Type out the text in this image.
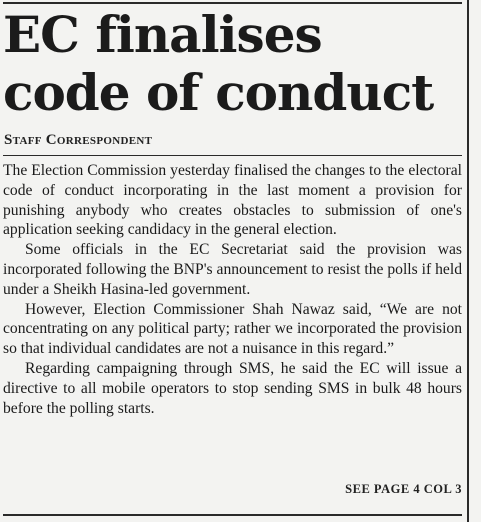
EC finalises code of conduct
Staff Correspondent

The Election Commission yesterday finalised the changes to the electoral code of conduct incorporating in the last moment a provision for punishing anybody who creates obstacles to submission of one's application seeking candidacy in the general election.

Some officials in the EC Secretariat said the provision was incorporated following the BNP's announcement to resist the polls if held under a Sheikh Hasina-led government.

However, Election Commissioner Shah Nawaz said, “We are not concentrating on any political party; rather we incorporated the provision so that individual candidates are not a nuisance in this regard.”

Regarding campaigning through SMS, he said the EC will issue a directive to all mobile operators to stop sending SMS in bulk 48 hours before the polling starts.

SEE PAGE 4 COL 3
